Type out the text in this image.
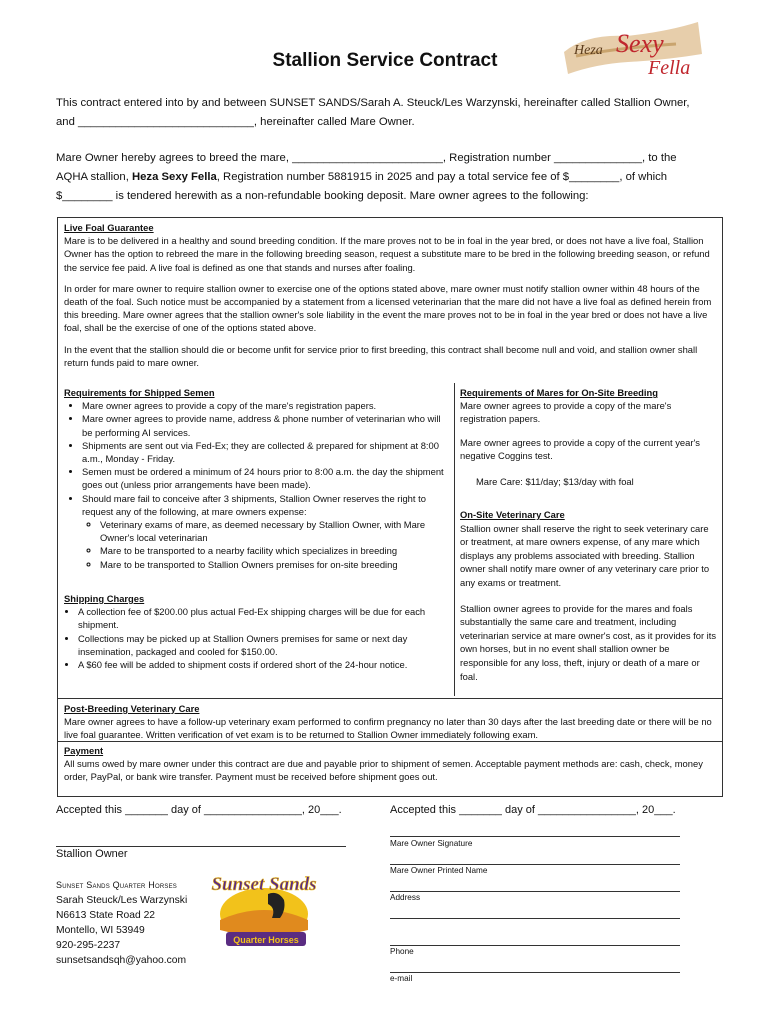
Heza Sexy
Fella
Stallion Service Contract
This contract entered into by and between SUNSET SANDS/Sarah A. Steuck/Les Warzynski, hereinafter called Stallion Owner,
and ____________________________, hereinafter called Mare Owner.
Mare Owner hereby agrees to breed the mare, ________________________, Registration number ______________, to the
AQHA stallion, Heza Sexy Fella, Registration number 5881915 in 2025 and pay a total service fee of $________, of which
$________ is tendered herewith as a non-refundable booking deposit. Mare owner agrees to the following:

Live Foal Guarantee

Mare is to be delivered in a healthy and sound breeding condition. If the mare proves not to be in foal in the year bred, or does not have a live foal, Stallion Owner has the option to rebreed the mare in the following breeding season, request a substitute mare to be bred in the following breeding season, or refund the service fee paid. A live foal is defined as one that stands and nurses after foaling.

In order for mare owner to require stallion owner to exercise one of the options stated above, mare owner must notify stallion owner within 48 hours of the death of the foal. Such notice must be accompanied by a statement from a licensed veterinarian that the mare did not have a live foal as defined herein from this breeding. Mare owner agrees that the stallion owner's sole liability in the event the mare proves not to be in foal in the year bred or does not have a live foal, shall be the exercise of one of the options stated above.

In the event that the stallion should die or become unfit for service prior to first breeding, this contract shall become null and void, and stallion owner shall return funds paid to mare owner.

Requirements for Shipped Semen

• Mare owner agrees to provide a copy of the mare's registration papers.
• Mare owner agrees to provide name, address & phone number of veterinarian who will be performing AI services.
• Shipments are sent out via Fed-Ex; they are collected & prepared for shipment at 8:00 a.m., Monday - Friday.
• Semen must be ordered a minimum of 24 hours prior to 8:00 a.m. the day the shipment goes out (unless prior arrangements have been made).
• Should mare fail to conceive after 3 shipments, Stallion Owner reserves the right to request any of the following, at mare owners expense:
◦ Veterinary exams of mare, as deemed necessary by Stallion Owner, with Mare Owner's local veterinarian
◦ Mare to be transported to a nearby facility which specializes in breeding
◦ Mare to be transported to Stallion Owners premises for on-site breeding

Shipping Charges

• A collection fee of $200.00 plus actual Fed-Ex shipping charges will be due for each shipment.
• Collections may be picked up at Stallion Owners premises for same or next day insemination, packaged and cooled for $150.00.
• A $60 fee will be added to shipment costs if ordered short of the 24-hour notice.

Requirements of Mares for On-Site Breeding

Mare owner agrees to provide a copy of the mare's registration papers.

Mare owner agrees to provide a copy of the current year's negative Coggins test.

Mare Care: $11/day; $13/day with foal

On-Site Veterinary Care

Stallion owner shall reserve the right to seek veterinary care or treatment, at mare owners expense, of any mare which displays any problems associated with breeding. Stallion owner shall notify mare owner of any veterinary care prior to any exams or treatment.

Stallion owner agrees to provide for the mares and foals substantially the same care and treatment, including veterinarian service at mare owner's cost, as it provides for its own horses, but in no event shall stallion owner be responsible for any loss, theft, injury or death of a mare or foal.

Post-Breeding Veterinary Care

Mare owner agrees to have a follow-up veterinary exam performed to confirm pregnancy no later than 30 days after the last breeding date or there will be no live foal guarantee. Written verification of vet exam is to be returned to Stallion Owner immediately following exam.

Payment

All sums owed by mare owner under this contract are due and payable prior to shipment of semen. Acceptable payment methods are: cash, check, money order, PayPal, or bank wire transfer. Payment must be received before shipment goes out.

Accepted this _______ day of ________________, 20___.	Accepted this _______ day of ________________, 20___.
Stallion Owner
Mare Owner Signature
Mare Owner Printed Name
Address
Phone
e-mail
Sunset Sands Quarter Horses
Sarah Steuck/Les Warzynski
N6613 State Road 22
Montello, WI 53949
920-295-2237
sunsetsandsqh@yahoo.com
Sunset Sands
Quarter Horses
